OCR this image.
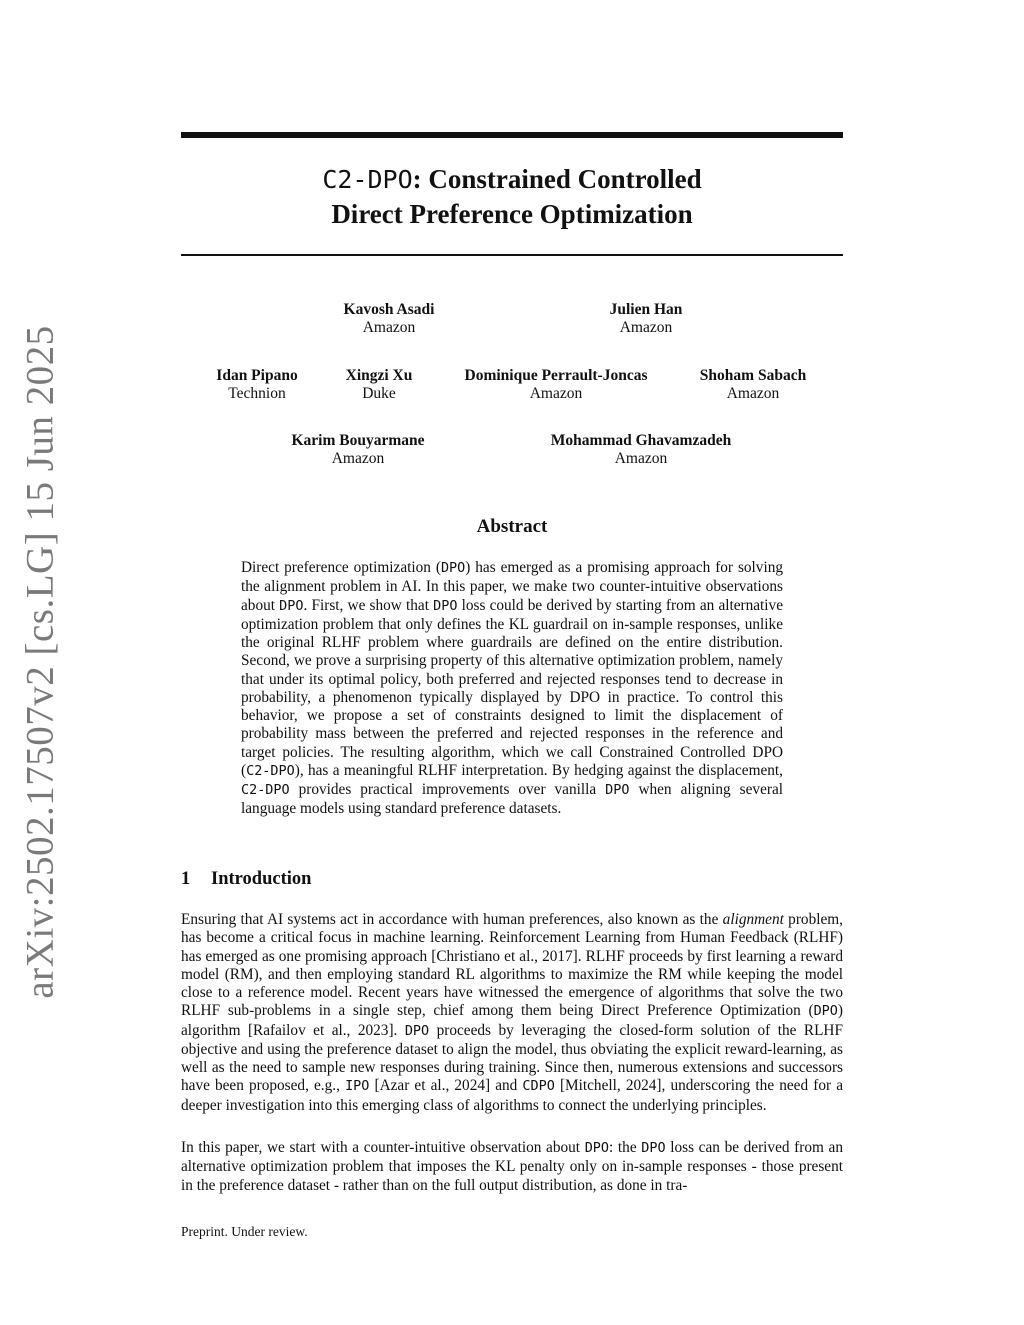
arXiv:2502.17507v2 [cs.LG] 15 Jun 2025
C2-DPO: Constrained Controlled
Direct Preference Optimization
Kavosh Asadi
Amazon
Julien Han
Amazon
Idan Pipano
Technion
Xingzi Xu
Duke
Dominique Perrault-Joncas
Amazon
Shoham Sabach
Amazon
Karim Bouyarmane
Amazon
Mohammad Ghavamzadeh
Amazon
Abstract

Direct preference optimization (DPO) has emerged as a promising approach for solving the alignment problem in AI. In this paper, we make two counter-intuitive observations about DPO. First, we show that DPO loss could be derived by starting from an alternative optimization problem that only defines the KL guardrail on in-sample responses, unlike the original RLHF problem where guardrails are defined on the entire distribution. Second, we prove a surprising property of this alternative optimization problem, namely that under its optimal policy, both preferred and rejected responses tend to decrease in probability, a phenomenon typically displayed by DPO in practice. To control this behavior, we propose a set of constraints designed to limit the displacement of probability mass between the preferred and rejected responses in the reference and target policies. The resulting algorithm, which we call Constrained Controlled DPO (C2-DPO), has a meaningful RLHF interpretation. By hedging against the displacement, C2-DPO provides practical improvements over vanilla DPO when aligning several language models using standard preference datasets.

1 Introduction

Ensuring that AI systems act in accordance with human preferences, also known as the alignment problem, has become a critical focus in machine learning. Reinforcement Learning from Human Feedback (RLHF) has emerged as one promising approach [Christiano et al., 2017]. RLHF proceeds by first learning a reward model (RM), and then employing standard RL algorithms to maximize the RM while keeping the model close to a reference model. Recent years have witnessed the emergence of algorithms that solve the two RLHF sub-problems in a single step, chief among them being Direct Preference Optimization (DPO) algorithm [Rafailov et al., 2023]. DPO proceeds by leveraging the closed-form solution of the RLHF objective and using the preference dataset to align the model, thus obviating the explicit reward-learning, as well as the need to sample new responses during training. Since then, numerous extensions and successors have been proposed, e.g., IPO [Azar et al., 2024] and CDPO [Mitchell, 2024], underscoring the need for a deeper investigation into this emerging class of algorithms to connect the underlying principles.

In this paper, we start with a counter-intuitive observation about DPO: the DPO loss can be derived from an alternative optimization problem that imposes the KL penalty only on in-sample responses - those present in the preference dataset - rather than on the full output distribution, as done in tra-

Preprint. Under review.
